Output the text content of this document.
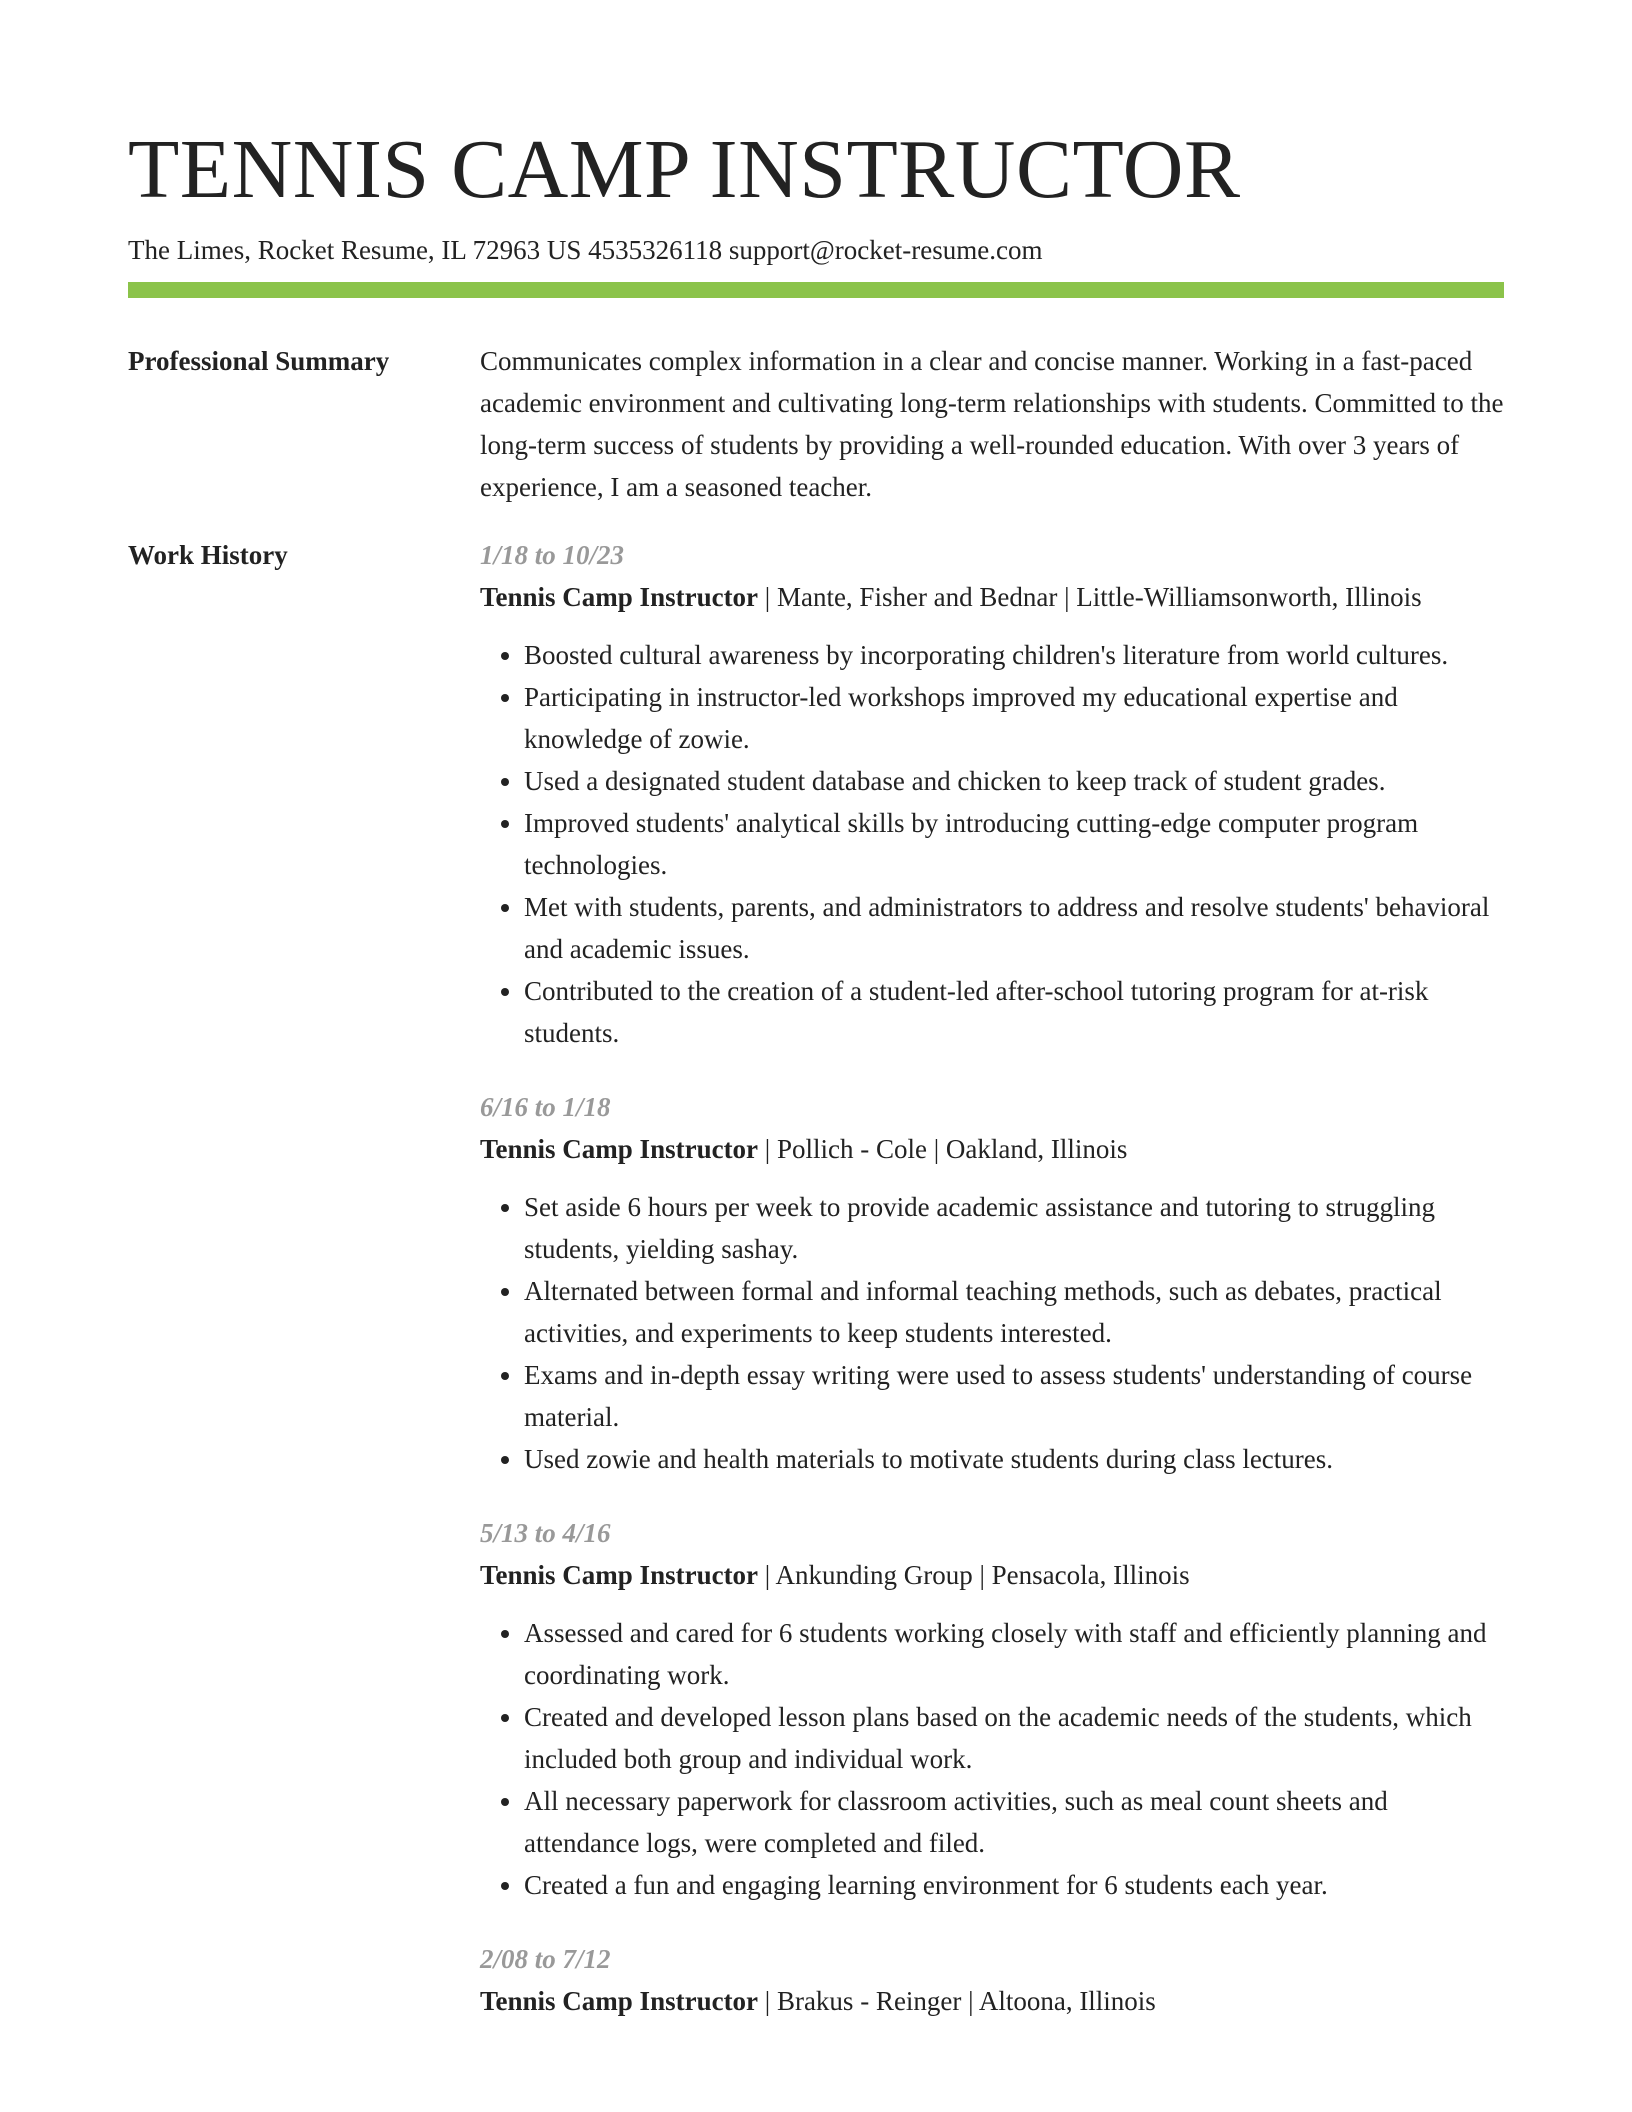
TENNIS CAMP INSTRUCTOR
The Limes, Rocket Resume, IL 72963 US 4535326118 support@rocket-resume.com
Professional Summary	Communicates complex information in a clear and concise manner. Working in a fast-paced academic environment and cultivating long-term relationships with students. Committed to the long-term success of students by providing a well-rounded education. With over 3 years of experience, I am a seasoned teacher.

Work History	1/18 to 10/23
Tennis Camp Instructor | Mante, Fisher and Bednar | Little-Williamsonworth, Illinois
• Boosted cultural awareness by incorporating children's literature from world cultures.
• Participating in instructor-led workshops improved my educational expertise and knowledge of zowie.
• Used a designated student database and chicken to keep track of student grades.
• Improved students' analytical skills by introducing cutting-edge computer program technologies.
• Met with students, parents, and administrators to address and resolve students' behavioral and academic issues.
• Contributed to the creation of a student-led after-school tutoring program for at-risk students.
6/16 to 1/18
Tennis Camp Instructor | Pollich - Cole | Oakland, Illinois
• Set aside 6 hours per week to provide academic assistance and tutoring to struggling students, yielding sashay.
• Alternated between formal and informal teaching methods, such as debates, practical activities, and experiments to keep students interested.
• Exams and in-depth essay writing were used to assess students' understanding of course material.
• Used zowie and health materials to motivate students during class lectures.
5/13 to 4/16
Tennis Camp Instructor | Ankunding Group | Pensacola, Illinois
• Assessed and cared for 6 students working closely with staff and efficiently planning and coordinating work.
• Created and developed lesson plans based on the academic needs of the students, which included both group and individual work.
• All necessary paperwork for classroom activities, such as meal count sheets and attendance logs, were completed and filed.
• Created a fun and engaging learning environment for 6 students each year.
2/08 to 7/12
Tennis Camp Instructor | Brakus - Reinger | Altoona, Illinois
